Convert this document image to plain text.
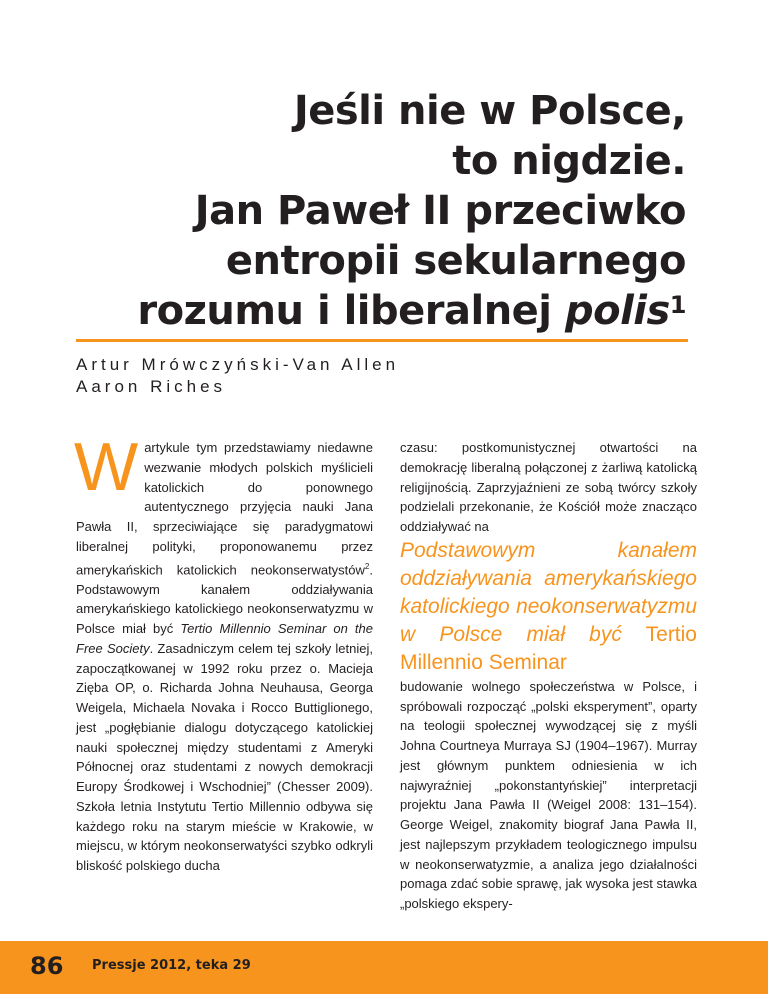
Jeśli nie w Polsce,
to nigdzie.
Jan Paweł II przeciwko
entropii sekularnego
rozumu i liberalnej polis$^1$
Artur Mrówczyński-Van Allen
Aaron Riches

Wartykule tym przedstawiamy niedawne wezwanie młodych polskich myślicieli katolickich do ponownego autentycznego przyjęcia nauki Jana Pawła II, sprzeciwiające się paradygmatowi liberalnej polityki, proponowanemu przez amerykańskich katolickich neokonserwatystów$^2$. Podstawowym kanałem oddziaływania amerykańskiego katolickiego neokonserwatyzmu w Polsce miał być Tertio Millennio Seminar on the Free Society. Zasadniczym celem tej szkoły letniej, zapoczątkowanej w 1992 roku przez o. Macieja Zięba OP, o. Richarda Johna Neuhausa, Georga Weigela, Michaela Novaka i Rocco Buttiglionego, jest „pogłębianie dialogu dotyczącego katolickiej nauki społecznej między studentami z Ameryki Północnej oraz studentami z nowych demokracji Europy Środkowej i Wschodniej” (Chesser 2009). Szkoła letnia Instytutu Tertio Millennio odbywa się każdego roku na starym mieście w Krakowie, w miejscu, w którym neokonserwatyści szybko odkryli bliskość polskiego ducha

czasu: postkomunistycznej otwartości na demokrację liberalną połączonej z żarliwą katolicką religijnością. Zaprzyjaźnieni ze sobą twórcy szkoły podzielali przekonanie, że Kościół może znacząco oddziaływać na

Podstawowym kanałem oddziaływania amerykańskiego katolickiego neokonserwatyzmu w Polsce miał być Tertio Millennio Seminar

budowanie wolnego społeczeństwa w Polsce, i spróbowali rozpocząć „polski eksperyment”, oparty na teologii społecznej wywodzącej się z myśli Johna Courtneya Murraya SJ (1904–1967). Murray jest głównym punktem odniesienia w ich najwyraźniej „pokonstantyńskiej” interpretacji projektu Jana Pawła II (Weigel 2008: 131–154). George Weigel, znakomity biograf Jana Pawła II, jest najlepszym przykładem teologicznego impulsu w neokonserwatyzmie, a analiza jego działalności pomaga zdać sobie sprawę, jak wysoka jest stawka „polskiego ekspery-

86 Pressje 2012, teka 29
